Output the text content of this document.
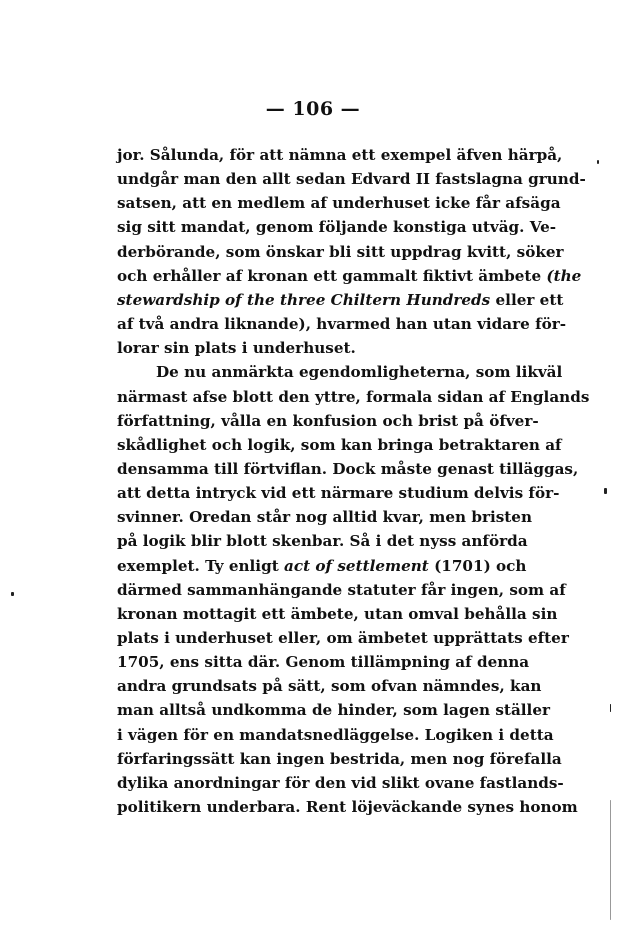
— 106 —
jor. Sålunda, för att nämna ett exempel äfven härpå,
undgår man den allt sedan Edvard II fastslagna grund-
satsen, att en medlem af underhuset icke får afsäga
sig sitt mandat, genom följande konstiga utväg. Ve-
derbörande, som önskar bli sitt uppdrag kvitt, söker
och erhåller af kronan ett gammalt fiktivt ämbete (the
stewardship of the three Chiltern Hundreds eller ett
af två andra liknande), hvarmed han utan vidare för-
lorar sin plats i underhuset.
De nu anmärkta egendomligheterna, som likväl
närmast afse blott den yttre, formala sidan af Englands
författning, vålla en konfusion och brist på öfver-
skådlighet och logik, som kan bringa betraktaren af
densamma till förtviflan. Dock måste genast tilläggas,
att detta intryck vid ett närmare studium delvis för-
svinner. Oredan står nog alltid kvar, men bristen
på logik blir blott skenbar. Så i det nyss anförda
exemplet. Ty enligt act of settlement (1701) och
därmed sammanhängande statuter får ingen, som af
kronan mottagit ett ämbete, utan omval behålla sin
plats i underhuset eller, om ämbetet upprättats efter
1705, ens sitta där. Genom tillämpning af denna
andra grundsats på sätt, som ofvan nämndes, kan
man alltså undkomma de hinder, som lagen ställer
i vägen för en mandatsnedläggelse. Logiken i detta
förfaringssätt kan ingen bestrida, men nog förefalla
dylika anordningar för den vid slikt ovane fastlands-
politikern underbara. Rent löjeväckande synes honom
